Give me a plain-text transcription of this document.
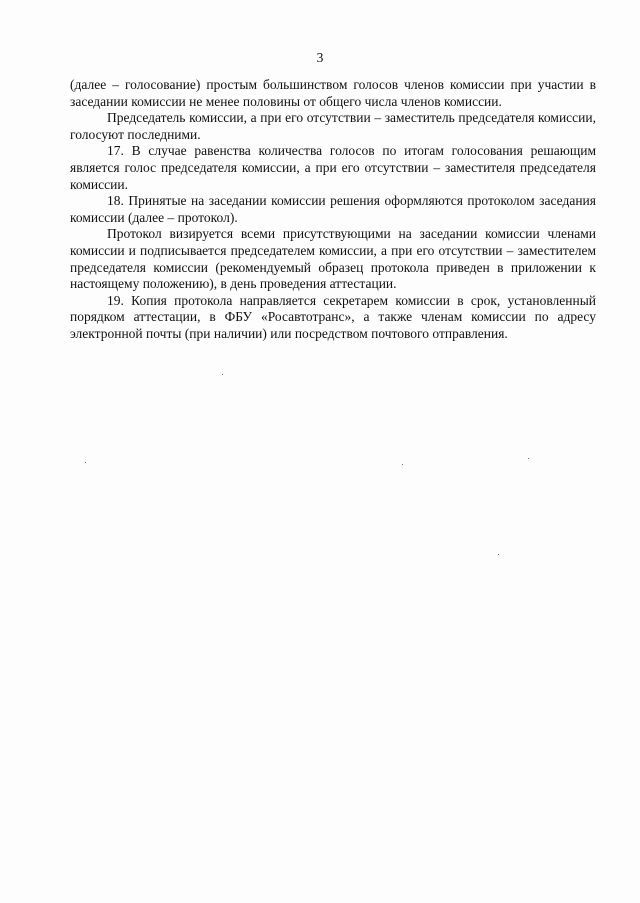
3

(далее – голосование) простым большинством голосов членов комиссии при участии в заседании комиссии не менее половины от общего числа членов комиссии.

Председатель комиссии, а при его отсутствии – заместитель председателя комиссии, голосуют последними.

17. В случае равенства количества голосов по итогам голосования решающим является голос председателя комиссии, а при его отсутствии – заместителя председателя комиссии.

18. Принятые на заседании комиссии решения оформляются протоколом заседания комиссии (далее – протокол).

Протокол визируется всеми присутствующими на заседании комиссии членами комиссии и подписывается председателем комиссии, а при его отсутствии – заместителем председателя комиссии (рекомендуемый образец протокола приведен в приложении к настоящему положению), в день проведения аттестации.

19. Копия протокола направляется секретарем комиссии в срок, установленный порядком аттестации, в ФБУ «Росавтотранс», а также членам комиссии по адресу электронной почты (при наличии) или посредством почтового отправления.
